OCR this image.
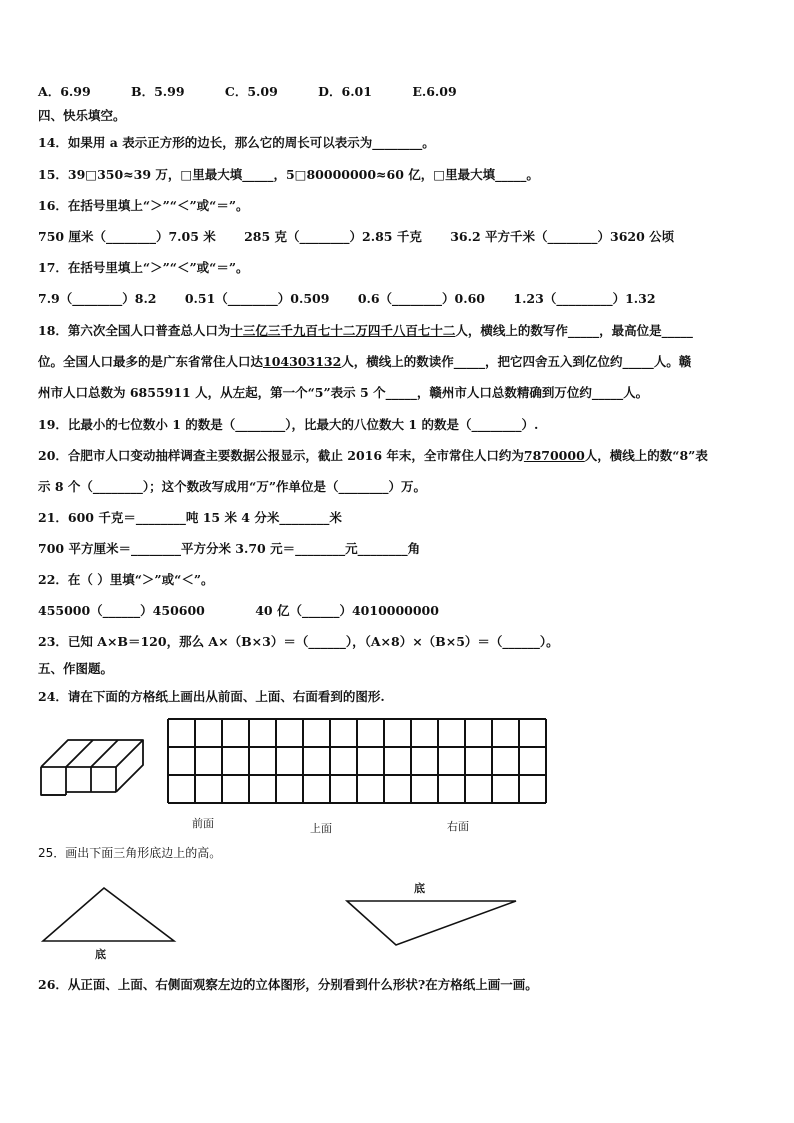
A．6.99	B．5.99	C．5.09	D．6.01	E.6.09
四、快乐填空。
14．如果用 a 表示正方形的边长，那么它的周长可以表示为________。
15．39□350≈39 万，□里最大填_____，5□80000000≈60 亿，□里最大填_____。
16．在括号里填上“＞”“＜”或“＝”。
750 厘米（________）7.05 米 285 克（________）2.85 千克 36.2 平方千米（________）3620 公顷
17．在括号里填上“＞”“＜”或“＝”。
7.9（________）8.2 0.51（________）0.509 0.6（________）0.60 1.23（_________）1.32
18．第六次全国人口普查总人口为十三亿三千九百七十二万四千八百七十二人，横线上的数写作_____，最高位是_____
位。全国人口最多的是广东省常住人口达104303132人，横线上的数读作_____，把它四舍五入到亿位约_____人。赣
州市人口总数为 6855911 人，从左起，第一个“5”表示 5 个_____，赣州市人口总数精确到万位约_____人。
19．比最小的七位数小 1 的数是（________），比最大的八位数大 1 的数是（________）.
20．合肥市人口变动抽样调查主要数据公报显示，截止 2016 年末，全市常住人口约为7870000人，横线上的数“8”表
示 8 个（________）；这个数改写成用“万”作单位是（________）万。
21．600 千克＝________吨 15 米 4 分米________米
700 平方厘米＝________平方分米 3.70 元＝________元________角
22．在（ ）里填“＞”或“＜”。
455000（______）450600	40 亿（______）4010000000
23．已知 A×B＝120，那么 A×（B×3）＝（______），（A×8）×（B×5）＝（______）。
五、作图题。
24．请在下面的方格纸上画出从前面、上面、右面看到的图形.
前面	上面	右面
25．画出下面三角形底边上的高。
底
底
26．从正面、上面、右侧面观察左边的立体图形，分别看到什么形状?在方格纸上画一画。
